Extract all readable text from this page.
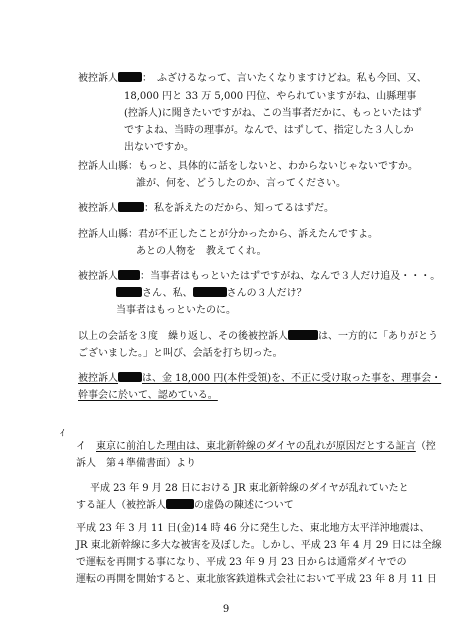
被控訴人 ：　ふざけるなって、言いたくなりますけどね。私も今回、又、
18,000 円と 33 万 5,000 円位、やられていますがね、山縣理事
(控訴人)に聞きたいですがね、この当事者だかに、もっといたはず
ですよね、当時の理事が。なんで、はずして、指定した３人しか
出ないですか。
控訴人山縣：もっと、具体的に話をしないと、わからないじゃないですか。
誰が、何を、どうしたのか、言ってください。
被控訴人	：私を訴えたのだから、知ってるはずだ。
控訴人山縣：君が不正したことが分かったから、訴えたんですよ。
あとの人物を　教えてくれ。
被控訴人 ：当事者はもっといたはずですがね、なんで３人だけ追及・・・。
さん、私、	さんの３人だけ？
当事者はもっといたのに。
以上の会話を３度　繰り返し、その後被控訴人	は、一方的に「ありがとう
ございました。」と叫び、会話を打ち切った。
被控訴人 は、金 18,000 円(本件受領)を、不正に受け取った事を、理事会・
幹事会に於いて、認めている。
ｲ
イ　 東京に前泊した理由は、東北新幹線のダイヤの乱れが原因だとする証言（控
訴人　第４準備書面）より
平成 23 年 9 月 28 日における JR 東北新幹線のダイヤが乱れていたと
する証人（被控訴人	の虚偽の陳述について
平成 23 年 3 月 11 日(金)14 時 46 分に発生した、東北地方太平洋沖地震は、
JR 東北新幹線に多大な被害を及ぼした。しかし、平成 23 年 4 月 29 日には全線
で運転を再開する事になり、平成 23 年 9 月 23 日からは通常ダイヤでの
運転の再開を開始すると、東北旅客鉄道株式会社において平成 23 年 8 月 11 日
9
